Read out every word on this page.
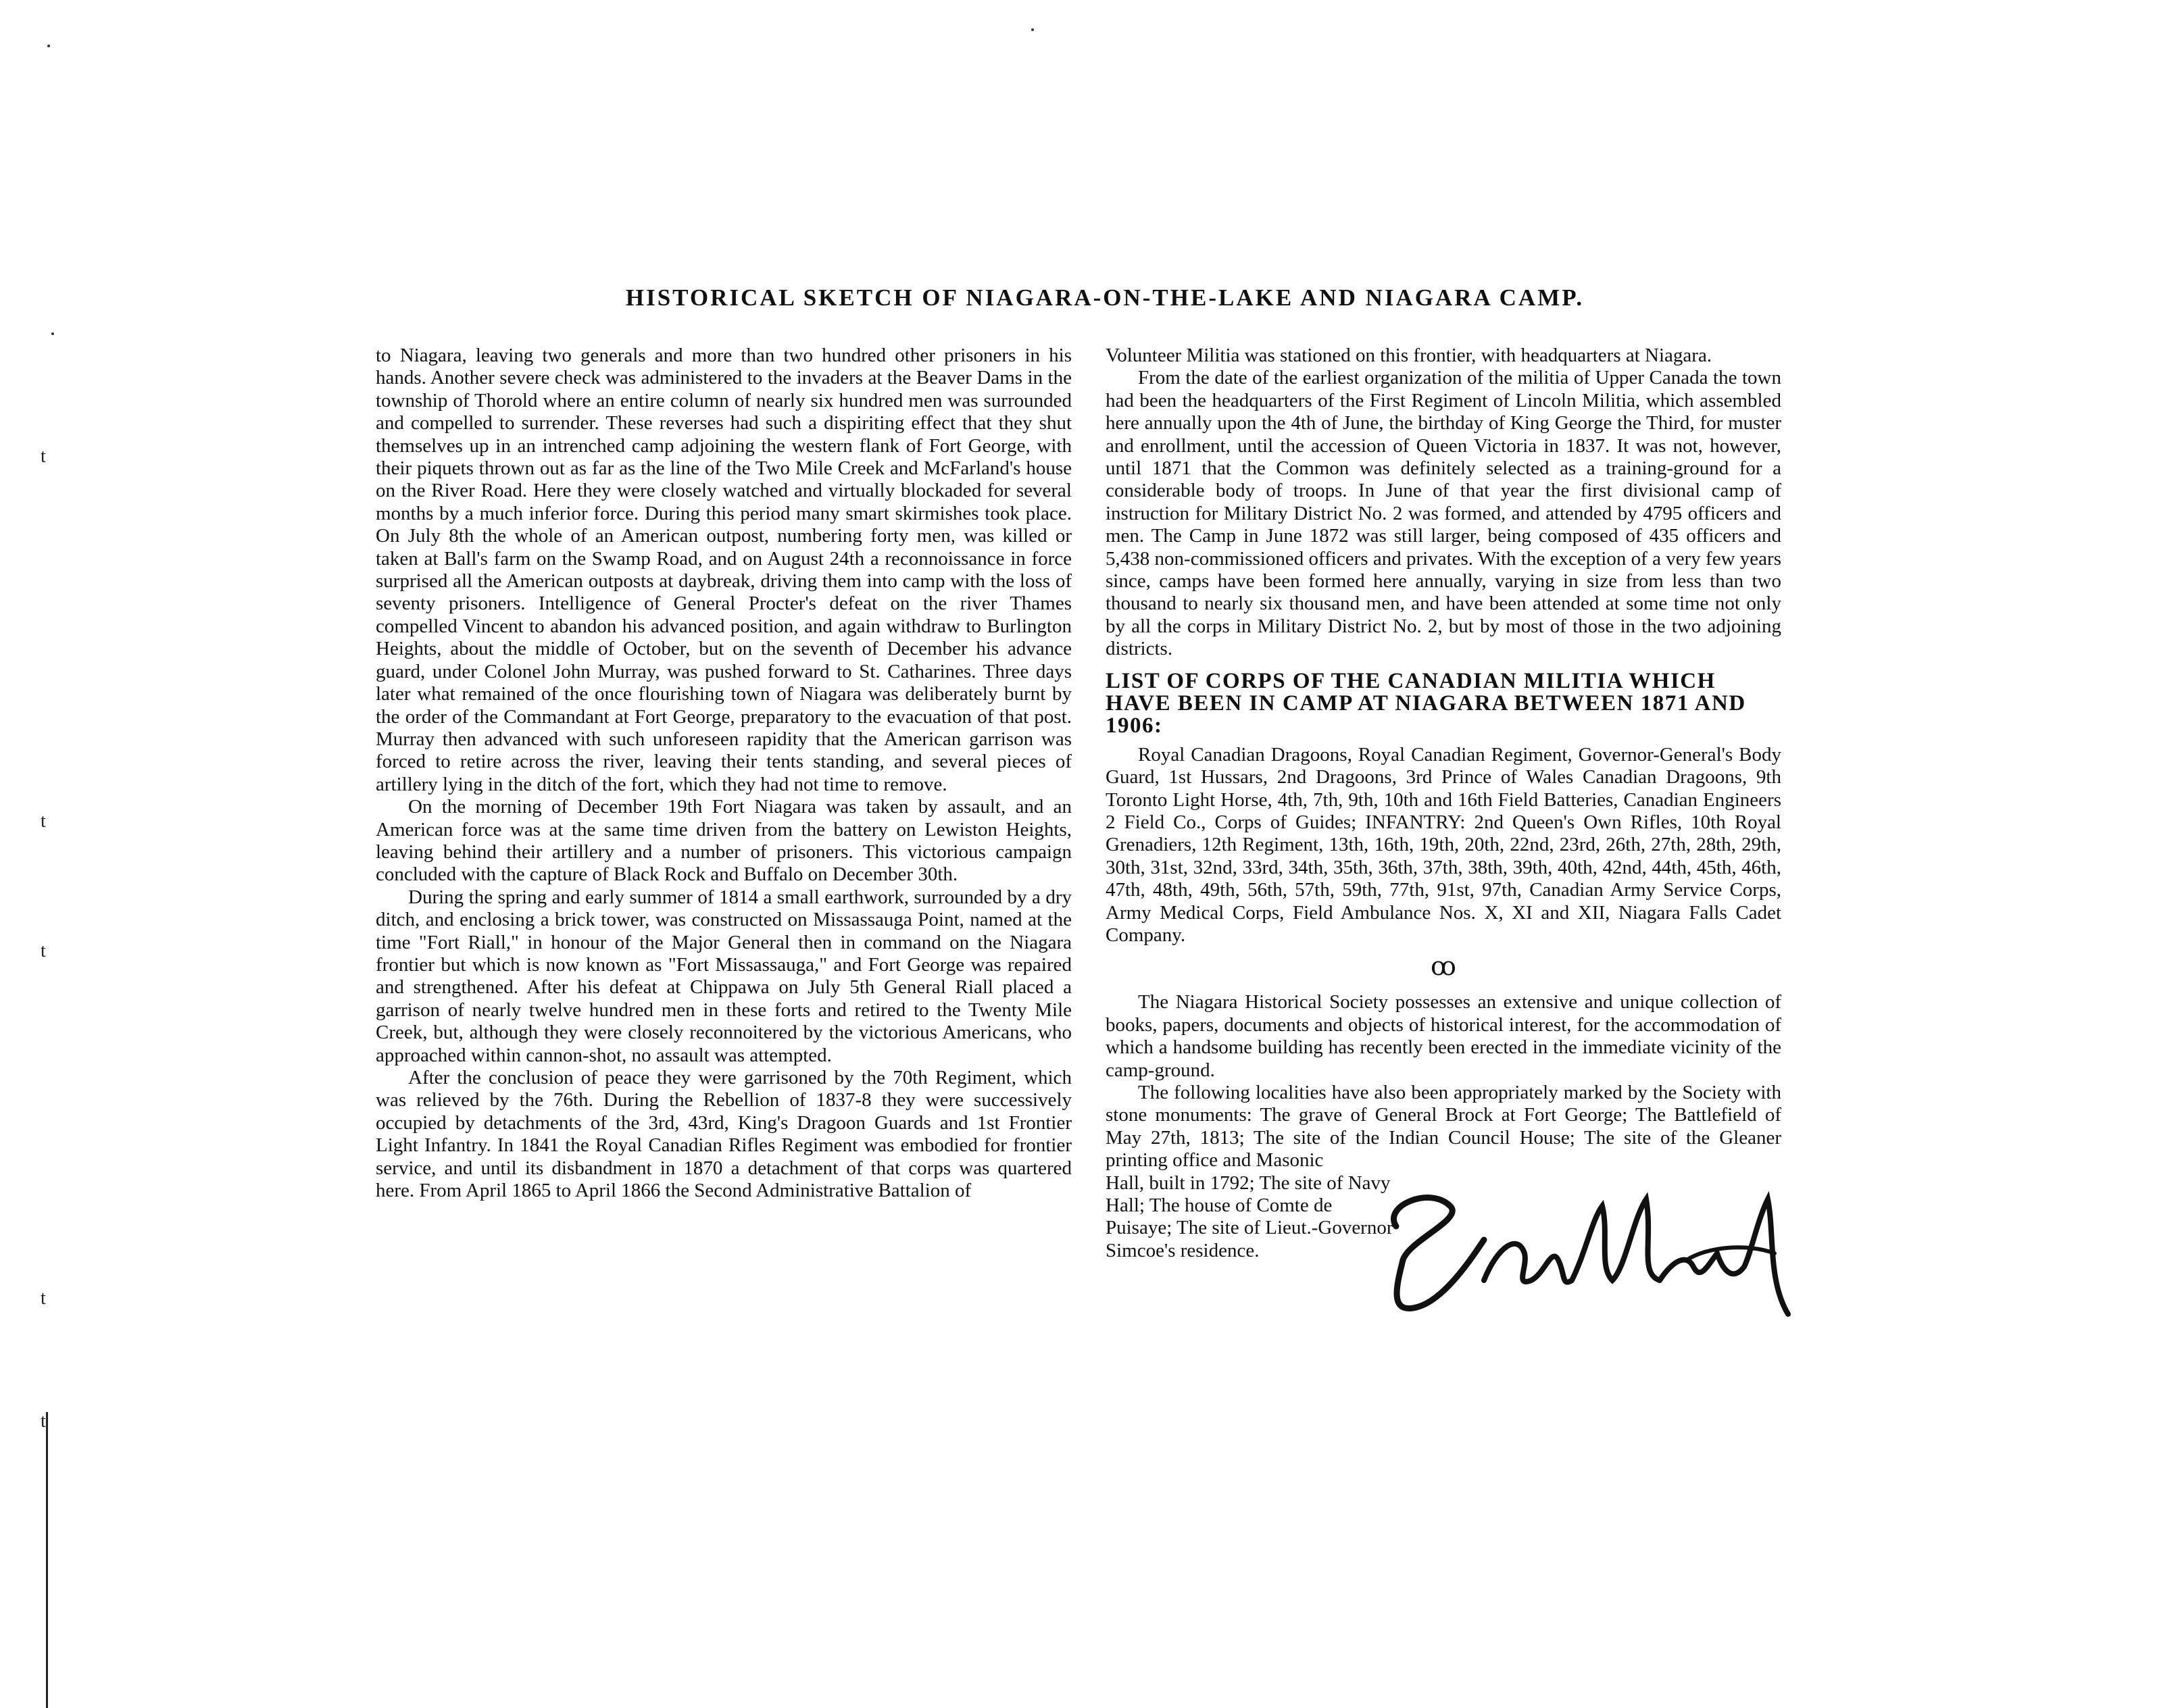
t
t
t
t
t
HISTORICAL SKETCH OF NIAGARA-ON-THE-LAKE AND NIAGARA CAMP.

to Niagara, leaving two generals and more than two hundred other prisoners in his hands. Another severe check was administered to the invaders at the Beaver Dams in the township of Thorold where an entire column of nearly six hundred men was surrounded and compelled to surrender. These reverses had such a dispiriting effect that they shut themselves up in an intrenched camp adjoining the western flank of Fort George, with their piquets thrown out as far as the line of the Two Mile Creek and McFarland's house on the River Road. Here they were closely watched and virtually blockaded for several months by a much inferior force. During this period many smart skirmishes took place. On July 8th the whole of an American outpost, numbering forty men, was killed or taken at Ball's farm on the Swamp Road, and on August 24th a reconnoissance in force surprised all the American outposts at daybreak, driving them into camp with the loss of seventy prisoners. Intelligence of General Procter's defeat on the river Thames compelled Vincent to abandon his advanced position, and again withdraw to Burlington Heights, about the middle of October, but on the seventh of December his advance guard, under Colonel John Murray, was pushed forward to St. Catharines. Three days later what remained of the once flourishing town of Niagara was deliberately burnt by the order of the Commandant at Fort George, preparatory to the evacuation of that post. Murray then advanced with such unforeseen rapidity that the American garrison was forced to retire across the river, leaving their tents standing, and several pieces of artillery lying in the ditch of the fort, which they had not time to remove.

On the morning of December 19th Fort Niagara was taken by assault, and an American force was at the same time driven from the battery on Lewiston Heights, leaving behind their artillery and a number of prisoners. This victorious campaign concluded with the capture of Black Rock and Buffalo on December 30th.

During the spring and early summer of 1814 a small earthwork, surrounded by a dry ditch, and enclosing a brick tower, was constructed on Missassauga Point, named at the time "Fort Riall," in honour of the Major General then in command on the Niagara frontier but which is now known as "Fort Missassauga," and Fort George was repaired and strengthened. After his defeat at Chippawa on July 5th General Riall placed a garrison of nearly twelve hundred men in these forts and retired to the Twenty Mile Creek, but, although they were closely reconnoitered by the victorious Americans, who approached within cannon-shot, no assault was attempted.

After the conclusion of peace they were garrisoned by the 70th Regiment, which was relieved by the 76th. During the Rebellion of 1837-8 they were successively occupied by detachments of the 3rd, 43rd, King's Dragoon Guards and 1st Frontier Light Infantry. In 1841 the Royal Canadian Rifles Regiment was embodied for frontier service, and until its disbandment in 1870 a detachment of that corps was quartered here. From April 1865 to April 1866 the Second Administrative Battalion of

Volunteer Militia was stationed on this frontier, with headquarters at Niagara.

From the date of the earliest organization of the militia of Upper Canada the town had been the headquarters of the First Regiment of Lincoln Militia, which assembled here annually upon the 4th of June, the birthday of King George the Third, for muster and enrollment, until the accession of Queen Victoria in 1837. It was not, however, until 1871 that the Common was definitely selected as a training-ground for a considerable body of troops. In June of that year the first divisional camp of instruction for Military District No. 2 was formed, and attended by 4795 officers and men. The Camp in June 1872 was still larger, being composed of 435 officers and 5,438 non-commissioned officers and privates. With the exception of a very few years since, camps have been formed here annually, varying in size from less than two thousand to nearly six thousand men, and have been attended at some time not only by all the corps in Military District No. 2, but by most of those in the two adjoining districts.

LIST OF CORPS OF THE CANADIAN MILITIA WHICH HAVE BEEN IN CAMP AT NIAGARA BETWEEN 1871 AND 1906:

Royal Canadian Dragoons, Royal Canadian Regiment, Governor-General's Body Guard, 1st Hussars, 2nd Dragoons, 3rd Prince of Wales Canadian Dragoons, 9th Toronto Light Horse, 4th, 7th, 9th, 10th and 16th Field Batteries, Canadian Engineers 2 Field Co., Corps of Guides; INFANTRY: 2nd Queen's Own Rifles, 10th Royal Grenadiers, 12th Regiment, 13th, 16th, 19th, 20th, 22nd, 23rd, 26th, 27th, 28th, 29th, 30th, 31st, 32nd, 33rd, 34th, 35th, 36th, 37th, 38th, 39th, 40th, 42nd, 44th, 45th, 46th, 47th, 48th, 49th, 56th, 57th, 59th, 77th, 91st, 97th, Canadian Army Service Corps, Army Medical Corps, Field Ambulance Nos. X, XI and XII, Niagara Falls Cadet Company.

ꝏ

The Niagara Historical Society possesses an extensive and unique collection of books, papers, documents and objects of historical interest, for the accommodation of which a handsome building has recently been erected in the immediate vicinity of the camp-ground.

The following localities have also been appropriately marked by the Society with stone monuments: The grave of General Brock at Fort George; The Battlefield of May 27th, 1813; The site of the Indian Council House; The site of the Gleaner printing office and Masonic

Hall, built in 1792; The site of Navy Hall; The house of Comte de Puisaye; The site of Lieut.-Governor Simcoe's residence.
